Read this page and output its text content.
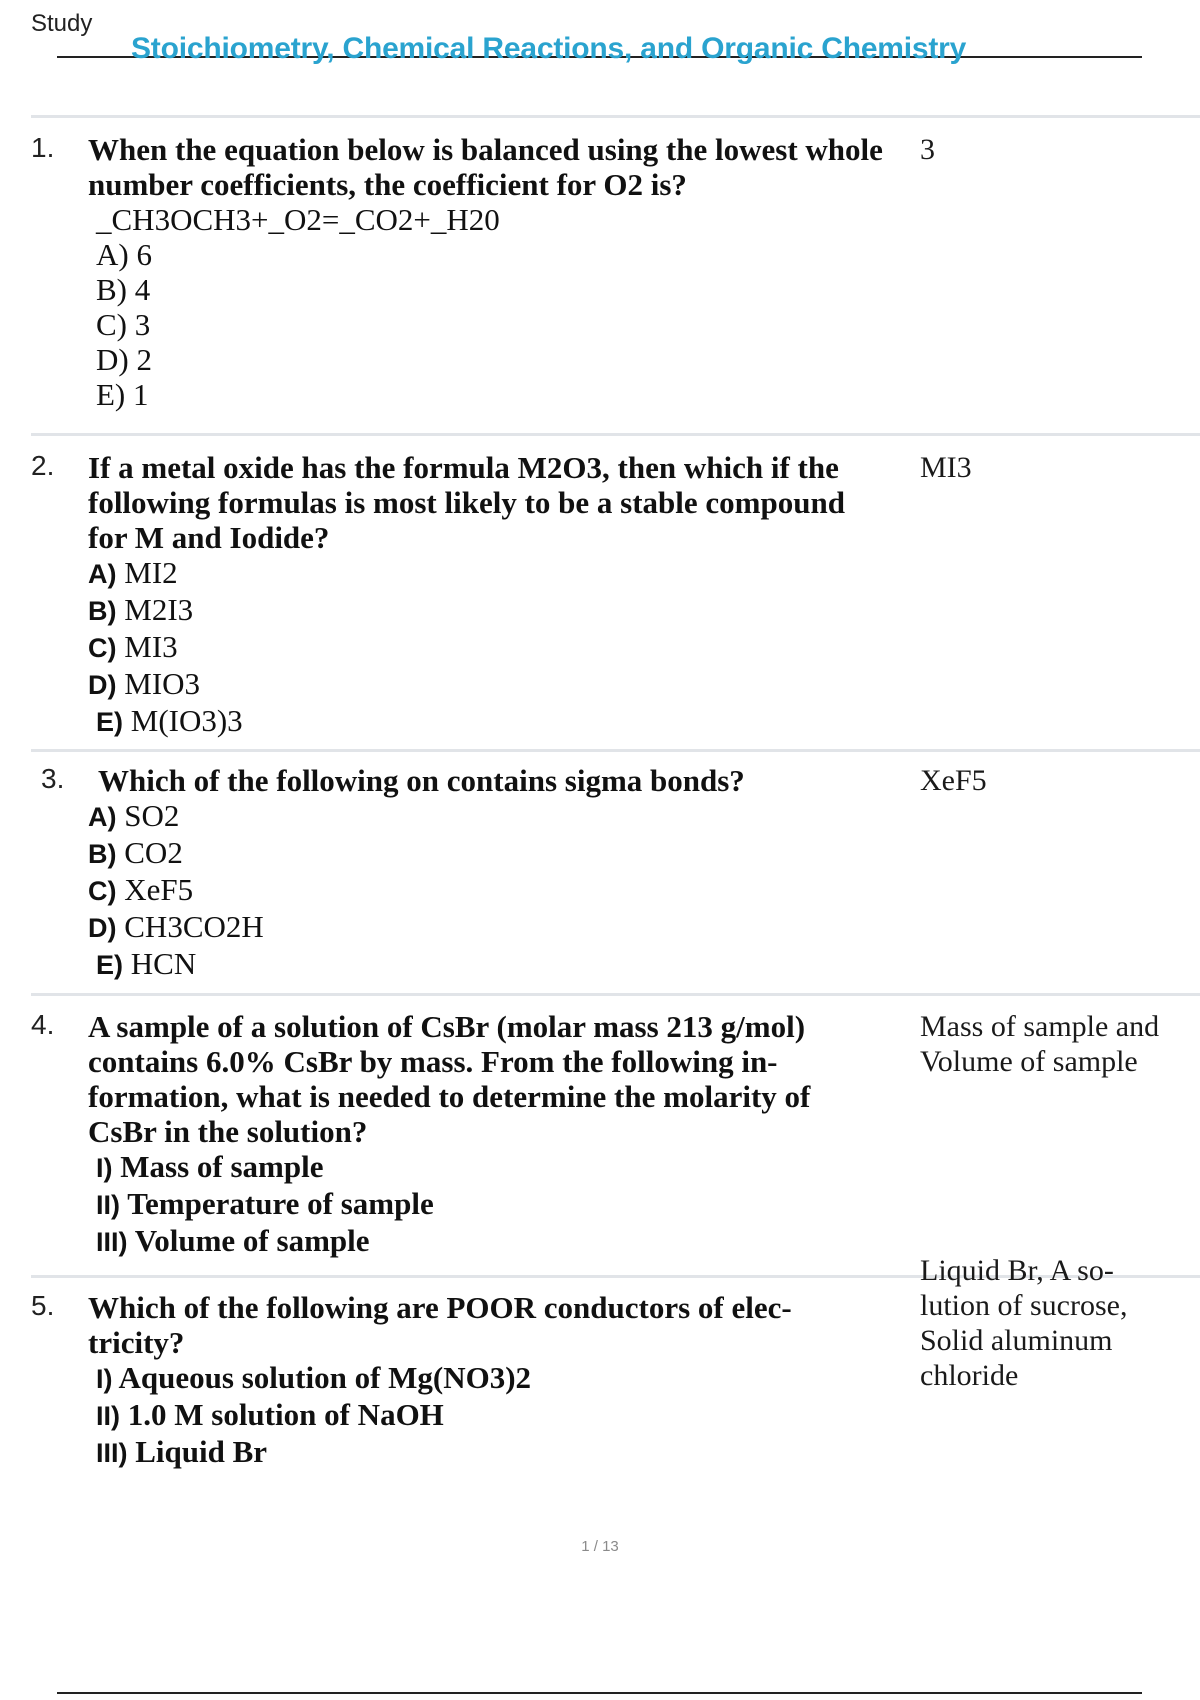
Study
Stoichiometry, Chemical Reactions, and Organic Chemistry
1. When the equation below is balanced using the lowest whole
number coefficients, the coefficient for O2 is?
_CH3OCH3+_O2=_CO2+_H20
A) 6
B) 4
C) 3
D) 2
E) 1
3
2. If a metal oxide has the formula M2O3, then which if the
following formulas is most likely to be a stable compound
for M and Iodide?
A) MI2
B) M2I3
C) MI3
D) MIO3
E) M(IO3)3
MI3
3.	Which of the following on contains sigma bonds?
A) SO2
B) CO2
C) XeF5
D) CH3CO2H
E) HCN
XeF5
4. A sample of a solution of CsBr (molar mass 213 g/mol)
contains 6.0% CsBr by mass. From the following in-
formation, what is needed to determine the molarity of
CsBr in the solution?
I) Mass of sample
II) Temperature of sample
III) Volume of sample
Mass of sample and
Volume of sample
5. Which of the following are POOR conductors of elec-
tricity?
I) Aqueous solution of Mg(NO3)2
II) 1.0 M solution of NaOH
III) Liquid Br
Liquid Br, A so-
lution of sucrose,
Solid aluminum
chloride
1 / 13
